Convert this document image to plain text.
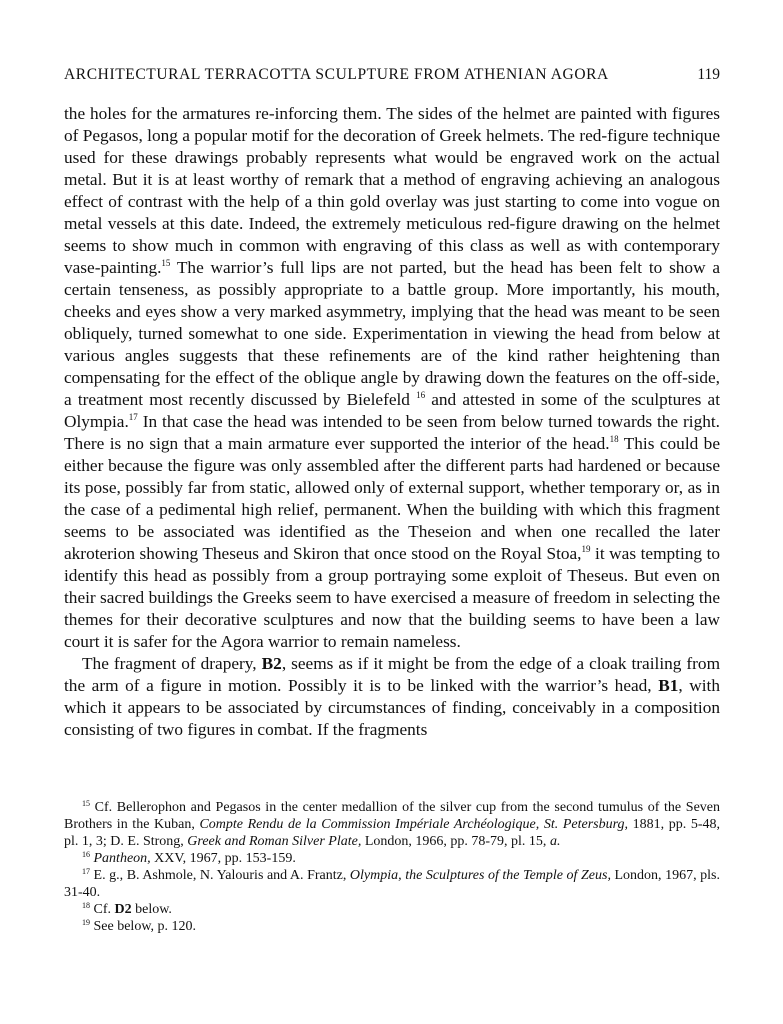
ARCHITECTURAL TERRACOTTA SCULPTURE FROM ATHENIAN AGORA	119

the holes for the armatures re-inforcing them. The sides of the helmet are painted with figures of Pegasos, long a popular motif for the decoration of Greek helmets. The red-figure technique used for these drawings probably represents what would be engraved work on the actual metal. But it is at least worthy of remark that a method of engraving achieving an analogous effect of contrast with the help of a thin gold overlay was just starting to come into vogue on metal vessels at this date. Indeed, the extremely meticulous red-figure drawing on the helmet seems to show much in common with engraving of this class as well as with contemporary vase-painting.$^{15}$ The warrior’s full lips are not parted, but the head has been felt to show a certain tenseness, as possibly appropriate to a battle group. More importantly, his mouth, cheeks and eyes show a very marked asymmetry, implying that the head was meant to be seen obliquely, turned somewhat to one side. Experimentation in viewing the head from below at various angles suggests that these refinements are of the kind rather heightening than compensating for the effect of the oblique angle by drawing down the features on the off-side, a treatment most recently discussed by Bielefeld $^{16}$ and attested in some of the sculptures at Olympia.$^{17}$ In that case the head was intended to be seen from below turned towards the right. There is no sign that a main armature ever supported the interior of the head.$^{18}$ This could be either because the figure was only assembled after the different parts had hardened or because its pose, possibly far from static, allowed only of external support, whether temporary or, as in the case of a pedimental high relief, permanent. When the building with which this fragment seems to be associated was identified as the Theseion and when one recalled the later akroterion showing Theseus and Skiron that once stood on the Royal Stoa,$^{19}$ it was tempting to identify this head as possibly from a group portraying some exploit of Theseus. But even on their sacred buildings the Greeks seem to have exercised a measure of freedom in selecting the themes for their decorative sculptures and now that the building seems to have been a law court it is safer for the Agora warrior to remain nameless.

The fragment of drapery, B2, seems as if it might be from the edge of a cloak trailing from the arm of a figure in motion. Possibly it is to be linked with the warrior’s head, B1, with which it appears to be associated by circumstances of finding, conceivably in a composition consisting of two figures in combat. If the fragments

$^{15}$ Cf. Bellerophon and Pegasos in the center medallion of the silver cup from the second tumulus of the Seven Brothers in the Kuban, Compte Rendu de la Commission Impériale Archéologique, St. Petersburg, 1881, pp. 5-48, pl. 1, 3; D. E. Strong, Greek and Roman Silver Plate, London, 1966, pp. 78-79, pl. 15, a.

$^{16}$ Pantheon, XXV, 1967, pp. 153-159.

$^{17}$ E. g., B. Ashmole, N. Yalouris and A. Frantz, Olympia, the Sculptures of the Temple of Zeus, London, 1967, pls. 31-40.

$^{18}$ Cf. D2 below.

$^{19}$ See below, p. 120.
